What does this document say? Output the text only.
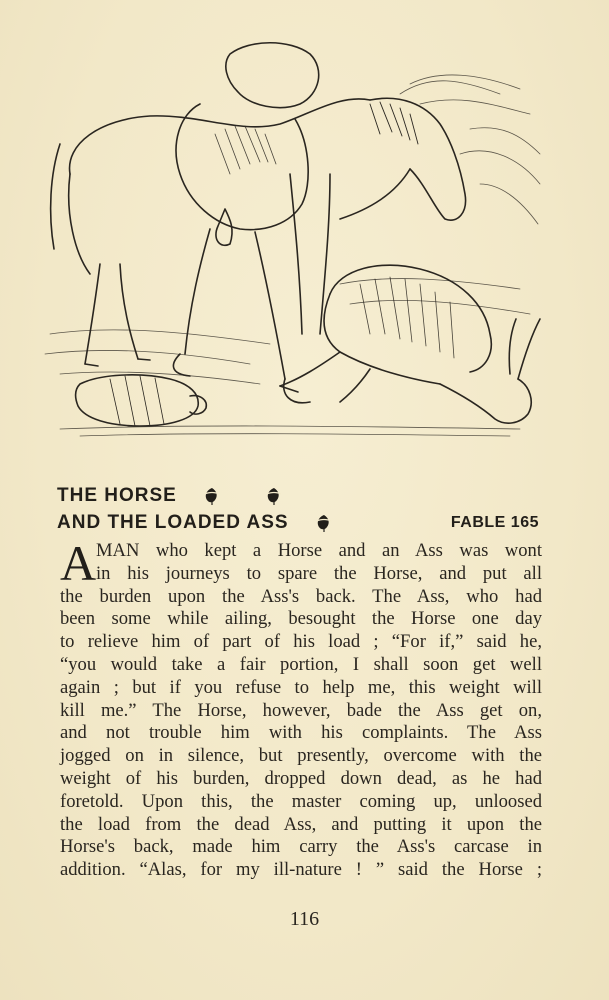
THE HORSE
AND THE LOADED ASS	FABLE 165
A MAN who kept a Horse and an Ass was wont
in his journeys to spare the Horse, and put all
the burden upon the Ass's back. The Ass, who had
been some while ailing, besought the Horse one day
to relieve him of part of his load ; “For if,” said he,
“you would take a fair portion, I shall soon get well
again ; but if you refuse to help me, this weight will
kill me.” The Horse, however, bade the Ass get on,
and not trouble him with his complaints. The Ass
jogged on in silence, but presently, overcome with the
weight of his burden, dropped down dead, as he had
foretold. Upon this, the master coming up, unloosed
the load from the dead Ass, and putting it upon the
Horse's back, made him carry the Ass's carcase in
addition. “Alas, for my ill-nature ! ” said the Horse ;
116
